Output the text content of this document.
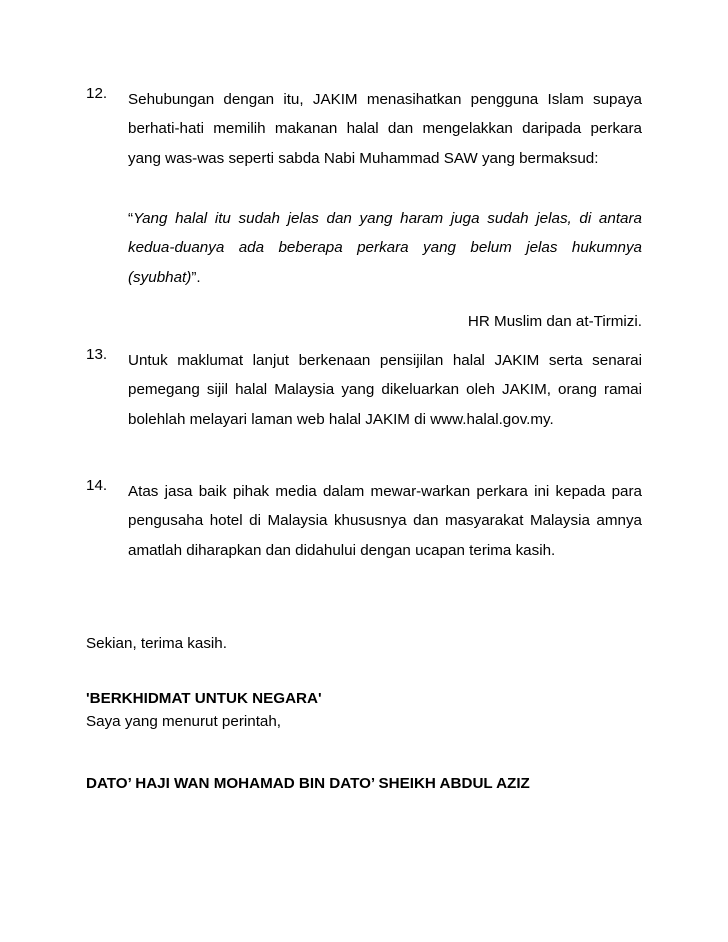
12.	Sehubungan dengan itu, JAKIM menasihatkan pengguna Islam supaya berhati-hati memilih makanan halal dan mengelakkan daripada perkara yang was-was seperti sabda Nabi Muhammad SAW yang bermaksud:
“Yang halal itu sudah jelas dan yang haram juga sudah jelas, di antara kedua-duanya ada beberapa perkara yang belum jelas hukumnya (syubhat)”.
HR Muslim dan at-Tirmizi.
13.	Untuk maklumat lanjut berkenaan pensijilan halal JAKIM serta senarai pemegang sijil halal Malaysia yang dikeluarkan oleh JAKIM, orang ramai bolehlah melayari laman web halal JAKIM di www.halal.gov.my.
14.	Atas jasa baik pihak media dalam mewar-warkan perkara ini kepada para pengusaha hotel di Malaysia khususnya dan masyarakat Malaysia amnya amatlah diharapkan dan didahului dengan ucapan terima kasih.
Sekian, terima kasih.
'BERKHIDMAT UNTUK NEGARA'
Saya yang menurut perintah,
DATO’ HAJI WAN MOHAMAD BIN DATO’ SHEIKH ABDUL AZIZ
